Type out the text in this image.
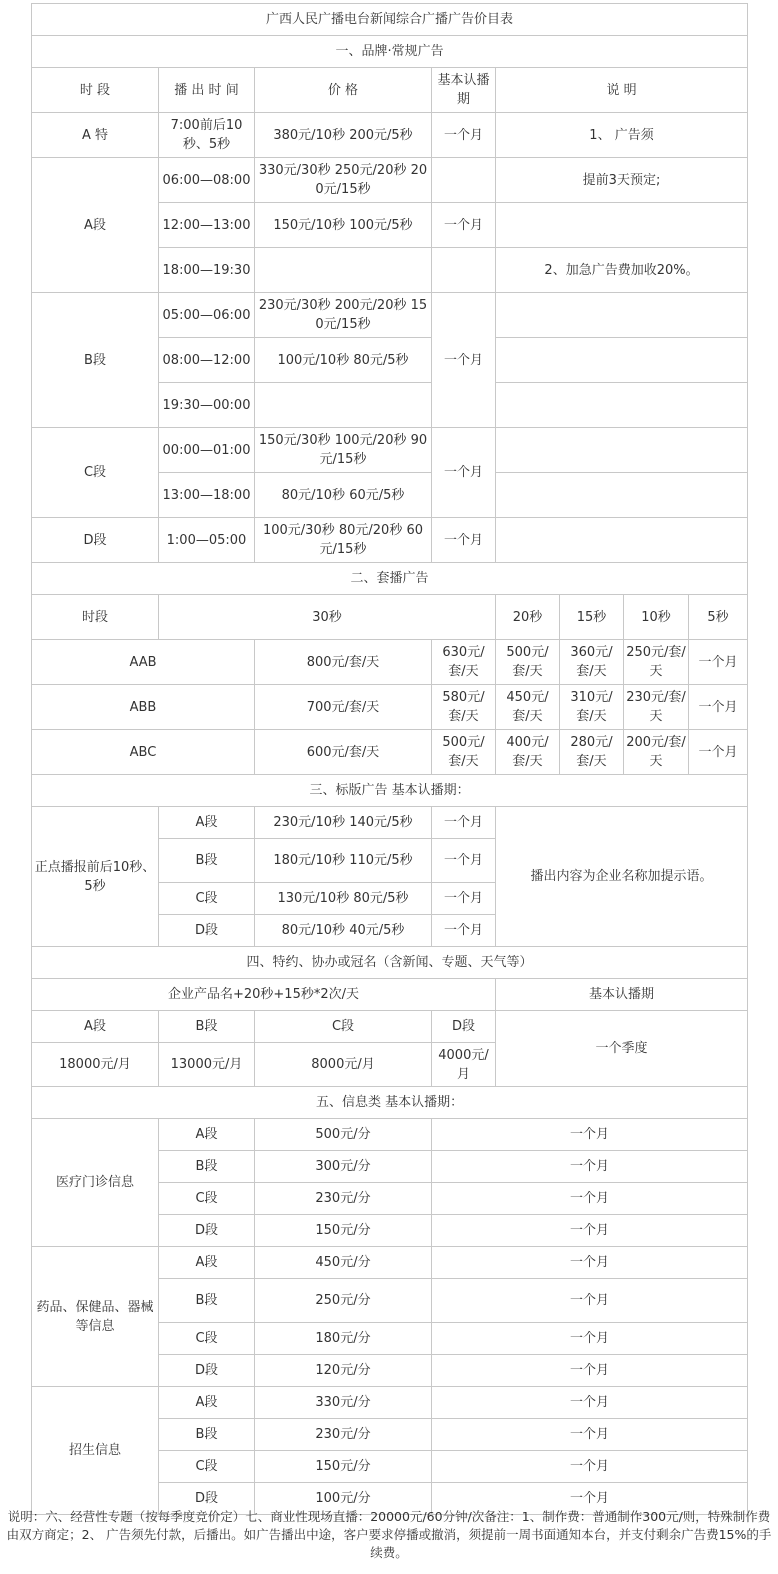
广西人民广播电台新闻综合广播广告价目表							
一、品牌·常规广告							
时 段	播 出 时 间	价 格	基本认播期	说 明			
A 特	7:00前后10秒、5秒	380元/10秒 200元/5秒	一个月	1、 广告须			
A段	06:00—08:00	330元/30秒 250元/20秒 200元/15秒		提前3天预定;			
	12:00—13:00	150元/10秒 100元/5秒	一个月				
	18:00—19:30			2、加急广告费加收20%。			
B段	05:00—06:00	230元/30秒 200元/20秒 150元/15秒	一个月				
	08:00—12:00	100元/10秒 80元/5秒					
	19:30—00:00						
C段	00:00—01:00	150元/30秒 100元/20秒 90元/15秒	一个月				
	13:00—18:00	80元/10秒 60元/5秒					
D段	1:00—05:00	100元/30秒 80元/20秒 60元/15秒	一个月				
二、套播广告							
时段	30秒			20秒	15秒	10秒	5秒
AAB		800元/套/天	630元/套/天	500元/套/天	360元/套/天	250元/套/天	一个月
ABB		700元/套/天	580元/套/天	450元/套/天	310元/套/天	230元/套/天	一个月
ABC		600元/套/天	500元/套/天	400元/套/天	280元/套/天	200元/套/天	一个月
三、标版广告 基本认播期：							
正点播报前后10秒、5秒	A段	230元/10秒 140元/5秒	一个月	播出内容为企业名称加提示语。			
	B段	180元/10秒 110元/5秒	一个月				
	C段	130元/10秒 80元/5秒	一个月				
	D段	80元/10秒 40元/5秒	一个月				
四、特约、协办或冠名（含新闻、专题、天气等）							
企业产品名+20秒+15秒*2次/天				基本认播期			
A段	B段	C段	D段	一个季度			
18000元/月	13000元/月	8000元/月	4000元/月				
五、信息类 基本认播期：							
医疗门诊信息	A段	500元/分	一个月				
	B段	300元/分	一个月				
	C段	230元/分	一个月				
	D段	150元/分	一个月				
药品、保健品、器械等信息	A段	450元/分	一个月				
	B段	250元/分	一个月				
	C段	180元/分	一个月				
	D段	120元/分	一个月				
招生信息	A段	330元/分	一个月				
	B段	230元/分	一个月				
	C段	150元/分	一个月				
	D段	100元/分	一个月				
说明：六、经营性专题（按每季度竞价定）七、商业性现场直播：20000元/60分钟/次备注：1、制作费：普通制作300元/则，特殊制作费由双方商定；2、 广告须先付款，后播出。如广告播出中途，客户要求停播或撤消，须提前一周书面通知本台，并支付剩余广告费15%的手续费。
